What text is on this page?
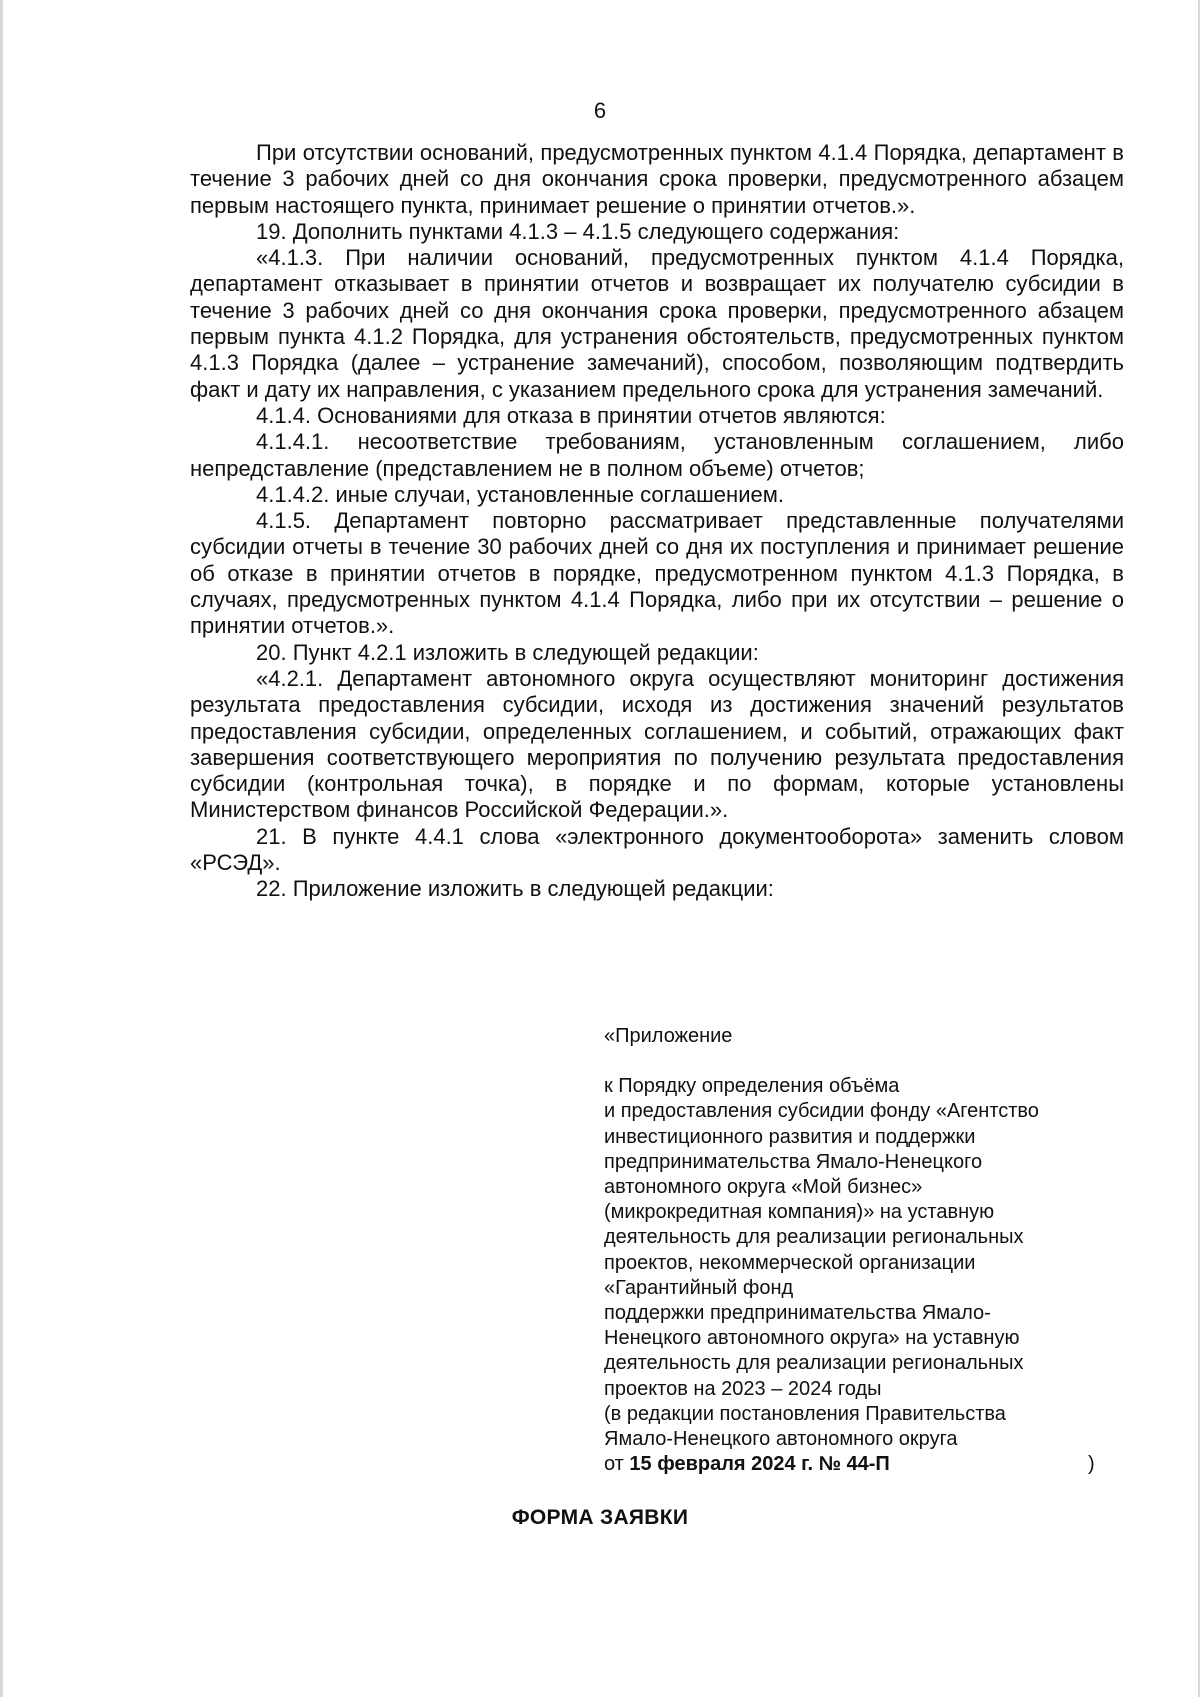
6

При отсутствии оснований, предусмотренных пунктом 4.1.4 Порядка, департамент в течение 3 рабочих дней со дня окончания срока проверки, предусмотренного абзацем первым настоящего пункта, принимает решение о принятии отчетов.».

19. Дополнить пунктами 4.1.3 – 4.1.5 следующего содержания:

«4.1.3. При наличии оснований, предусмотренных пунктом 4.1.4 Порядка, департамент отказывает в принятии отчетов и возвращает их получателю субсидии в течение 3 рабочих дней со дня окончания срока проверки, предусмотренного абзацем первым пункта 4.1.2 Порядка, для устранения обстоятельств, предусмотренных пунктом 4.1.3 Порядка (далее – устранение замечаний), способом, позволяющим подтвердить факт и дату их направления, с указанием предельного срока для устранения замечаний.

4.1.4. Основаниями для отказа в принятии отчетов являются:

4.1.4.1. несоответствие требованиям, установленным соглашением, либо непредставление (представлением не в полном объеме) отчетов;

4.1.4.2. иные случаи, установленные соглашением.

4.1.5. Департамент повторно рассматривает представленные получателями субсидии отчеты в течение 30 рабочих дней со дня их поступления и принимает решение об отказе в принятии отчетов в порядке, предусмотренном пунктом 4.1.3 Порядка, в случаях, предусмотренных пунктом 4.1.4 Порядка, либо при их отсутствии – решение о принятии отчетов.».

20. Пункт 4.2.1 изложить в следующей редакции:

«4.2.1. Департамент автономного округа осуществляют мониторинг достижения результата предоставления субсидии, исходя из достижения значений результатов предоставления субсидии, определенных соглашением, и событий, отражающих факт завершения соответствующего мероприятия по получению результата предоставления субсидии (контрольная точка), в порядке и по формам, которые установлены Министерством финансов Российской Федерации.».

21. В пункте 4.4.1 слова «электронного документооборота» заменить словом «РСЭД».

22. Приложение изложить в следующей редакции:

«Приложение
к Порядку определения объёма
и предоставления субсидии фонду «Агентство
инвестиционного развития и поддержки
предпринимательства Ямало-Ненецкого
автономного округа «Мой бизнес»
(микрокредитная компания)» на уставную
деятельность для реализации региональных
проектов, некоммерческой организации
«Гарантийный фонд
поддержки предпринимательства Ямало-
Ненецкого автономного округа» на уставную
деятельность для реализации региональных
проектов на 2023 – 2024 годы
(в редакции постановления Правительства
Ямало-Ненецкого автономного округа
от 15 февраля 2024 г. № 44-П	)
ФОРМА ЗАЯВКИ
